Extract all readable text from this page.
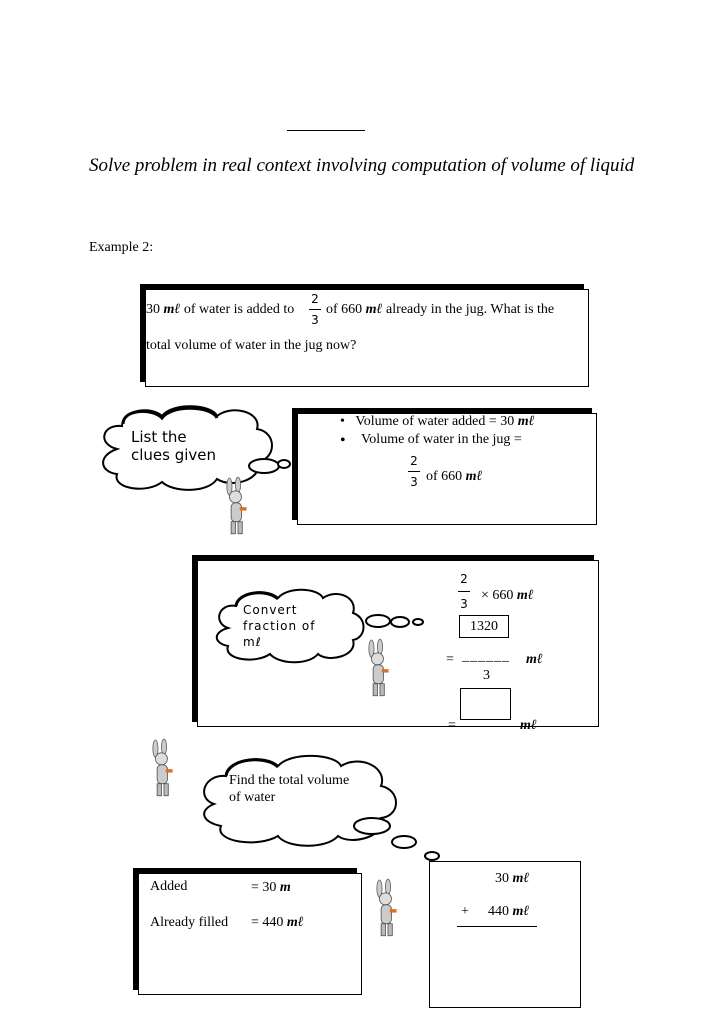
Solve problem in real context involving computation of volume of liquid
Example 2:
30 mℓ of water is added to
2
3
of 660 mℓ already in the jug. What is the
total volume of water in the jug now?
List the clues given
•   Volume of water added = 30 mℓ
Volume of water in the jug =
•
2
3 of 660 mℓ
Convert fraction of mℓ
2
3
× 660 mℓ
1320
= ______ mℓ
3
=	mℓ
Find the total volume of water
Added	= 30 m
Already filled = 440 mℓ
30 mℓ
+ 440 mℓ
